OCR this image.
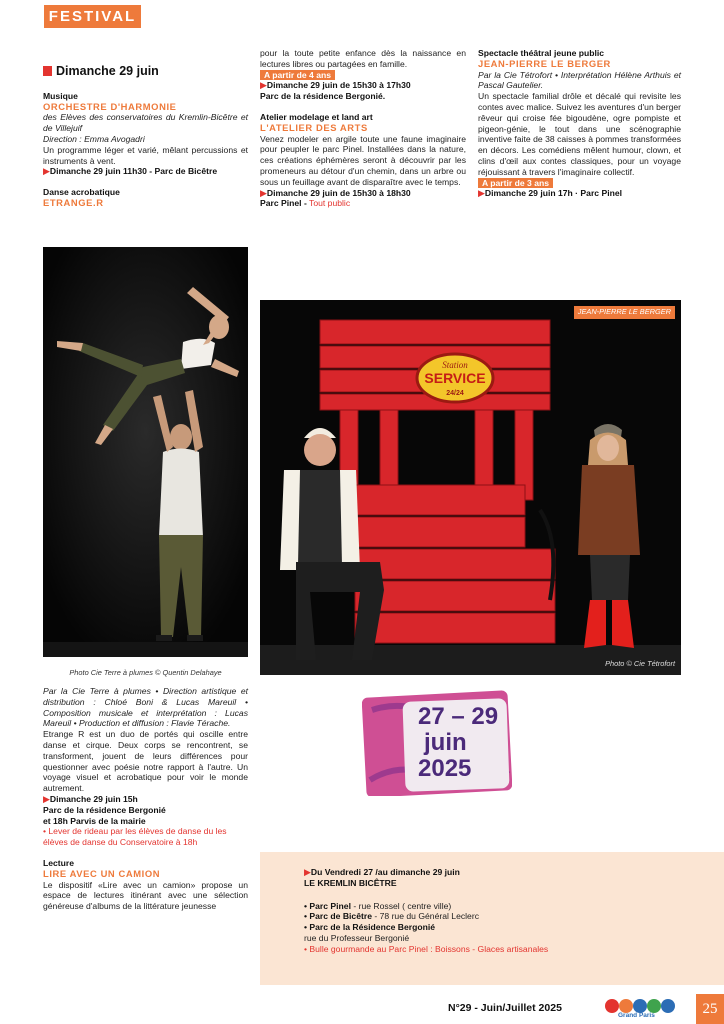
FESTIVAL
Dimanche 29 juin
Musique
ORCHESTRE D'HARMONIE
des Elèves des conservatoires du Kremlin-Bicêtre et de Villejuif
Direction : Emma Avogadri
Un programme léger et varié, mêlant percussions et instruments à vent.
▶Dimanche 29 juin 11h30 - Parc de Bicêtre
Danse acrobatique
ETRANGE.R
Photo Cie Terre à plumes © Quentin Delahaye
Par la Cie Terre à plumes • Direction artistique et distribution : Chloé Boni & Lucas Mareuil • Composition musicale et interprétation : Lucas Mareuil • Production et diffusion : Flavie Térache.
Etrange R est un duo de portés qui oscille entre danse et cirque. Deux corps se rencontrent, se transforment, jouent de leurs différences pour questionner avec poésie notre rapport à l'autre. Un voyage visuel et acrobatique pour voir le monde autrement.
▶Dimanche 29 juin 15h
Parc de la résidence Bergonié
et 18h Parvis de la mairie
• Lever de rideau par les élèves de danse du les élèves de danse du Conservatoire à 18h
Lecture
LIRE AVEC UN CAMION
Le dispositif «Lire avec un camion» propose un espace de lectures itinérant avec une sélection généreuse d'albums de la littérature jeunesse
pour la toute petite enfance dès la naissance en lectures libres ou partagées en famille.
A partir de 4 ans
▶Dimanche 29 juin de 15h30 à 17h30
Parc de la résidence Bergonié.
Atelier modelage et land art
L'ATELIER DES ARTS
Venez modeler en argile toute une faune imaginaire pour peupler le parc Pinel. Installées dans la nature, ces créations éphémères seront à découvrir par les promeneurs au détour d'un chemin, dans un arbre ou sous un feuillage avant de disparaître avec le temps.
▶Dimanche 29 juin de 15h30 à 18h30
Parc Pinel - Tout public
Spectacle théâtral jeune public
JEAN-PIERRE LE BERGER
Par la Cie Tétrofort • Interprétation Hélène Arthuis et Pascal Gautelier.
Un spectacle familial drôle et décalé qui revisite les contes avec malice. Suivez les aventures d'un berger rêveur qui croise fée bigoudène, ogre pompiste et pigeon-génie, le tout dans une scénographie inventive faite de 38 caisses à pommes transformées en décors. Les comédiens mêlent humour, clown, et clins d'œil aux contes classiques, pour un voyage réjouissant à travers l'imaginaire collectif.
A partir de 3 ans
▶Dimanche 29 juin 17h · Parc Pinel
Station
SERVICE
24/24
JEAN-PIERRE LE BERGER
Photo © Cie Tétrofort
27 – 29
juin
2025
▶Du Vendredi 27 /au dimanche 29 juin
LE KREMLIN BICÊTRE
• Parc Pinel - rue Rossel ( centre ville)
• Parc de Bicêtre - 78 rue du Général Leclerc
• Parc de la Résidence Bergonié
rue du Professeur Bergonié
• Bulle gourmande au Parc Pinel : Boissons - Glaces artisanales
N°29 - Juin/Juillet 2025
Grand Paris	25
